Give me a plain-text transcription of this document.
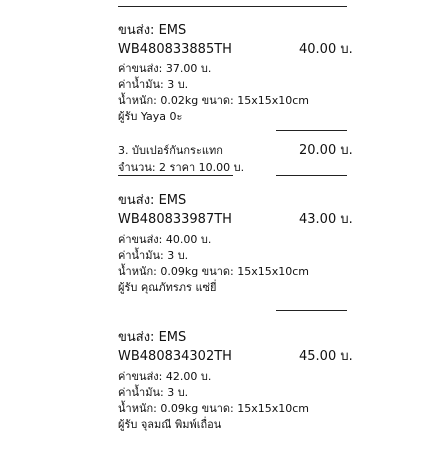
ขนส่ง: EMS
WB480833885TH	40.00 บ.
ค่าขนส่ง: 37.00 บ.
ค่าน้ำมัน: 3 บ.
น้ำหนัก: 0.02kg ขนาด: 15x15x10cm
ผู้รับ Yaya 0ะ
3. บับเปอร์กันกระแทก	20.00 บ.
จำนวน: 2 ราคา 10.00 บ.
ขนส่ง: EMS
WB480833987TH	43.00 บ.
ค่าขนส่ง: 40.00 บ.
ค่าน้ำมัน: 3 บ.
น้ำหนัก: 0.09kg ขนาด: 15x15x10cm
ผู้รับ คุณภัทรภร แซ่ยี่
ขนส่ง: EMS
WB480834302TH	45.00 บ.
ค่าขนส่ง: 42.00 บ.
ค่าน้ำมัน: 3 บ.
น้ำหนัก: 0.09kg ขนาด: 15x15x10cm
ผู้รับ จุลมณี พิมพ์เถื่อน
